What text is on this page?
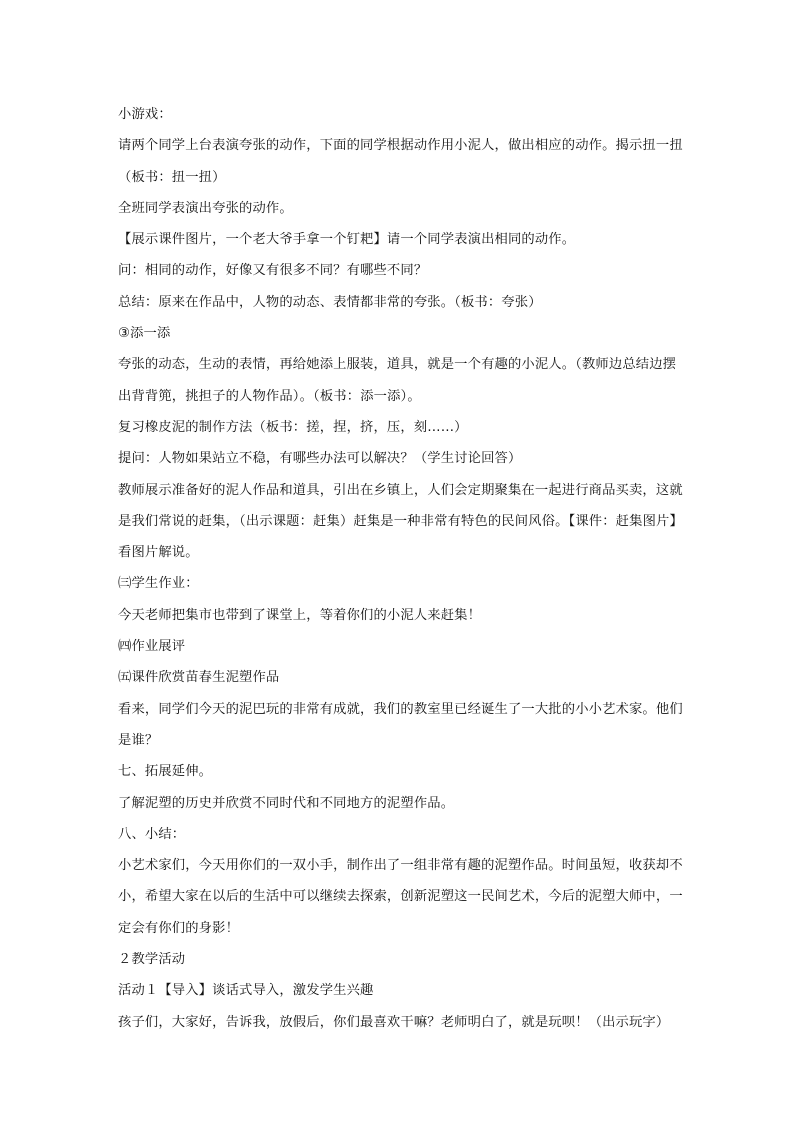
小游戏：

请两个同学上台表演夸张的动作，下面的同学根据动作用小泥人，做出相应的动作。揭示扭一扭（板书：扭一扭）

全班同学表演出夸张的动作。

【展示课件图片，一个老大爷手拿一个钉耙】请一个同学表演出相同的动作。

问：相同的动作，好像又有很多不同？有哪些不同？

总结：原来在作品中，人物的动态、表情都非常的夸张。（板书：夸张）

③添一添

夸张的动态，生动的表情，再给她添上服装，道具，就是一个有趣的小泥人。（教师边总结边摆出背背篼，挑担子的人物作品）。（板书：添一添）。

复习橡皮泥的制作方法（板书：搓，捏，挤，压，刻……）

提问：人物如果站立不稳，有哪些办法可以解决？（学生讨论回答）

教师展示准备好的泥人作品和道具，引出在乡镇上，人们会定期聚集在一起进行商品买卖，这就是我们常说的赶集，（出示课题：赶集）赶集是一种非常有特色的民间风俗。【课件：赶集图片】看图片解说。

㈢学生作业：

今天老师把集市也带到了课堂上，等着你们的小泥人来赶集！

㈣作业展评

㈤课件欣赏苗春生泥塑作品

看来，同学们今天的泥巴玩的非常有成就，我们的教室里已经诞生了一大批的小小艺术家。他们是谁？

七、拓展延伸。

了解泥塑的历史并欣赏不同时代和不同地方的泥塑作品。

八、小结：

小艺术家们，今天用你们的一双小手，制作出了一组非常有趣的泥塑作品。时间虽短，收获却不小，希望大家在以后的生活中可以继续去探索，创新泥塑这一民间艺术，今后的泥塑大师中，一定会有你们的身影！

２教学活动

活动１【导入】谈话式导入，激发学生兴趣

孩子们，大家好，告诉我，放假后，你们最喜欢干嘛？老师明白了，就是玩呗！（出示玩字）
